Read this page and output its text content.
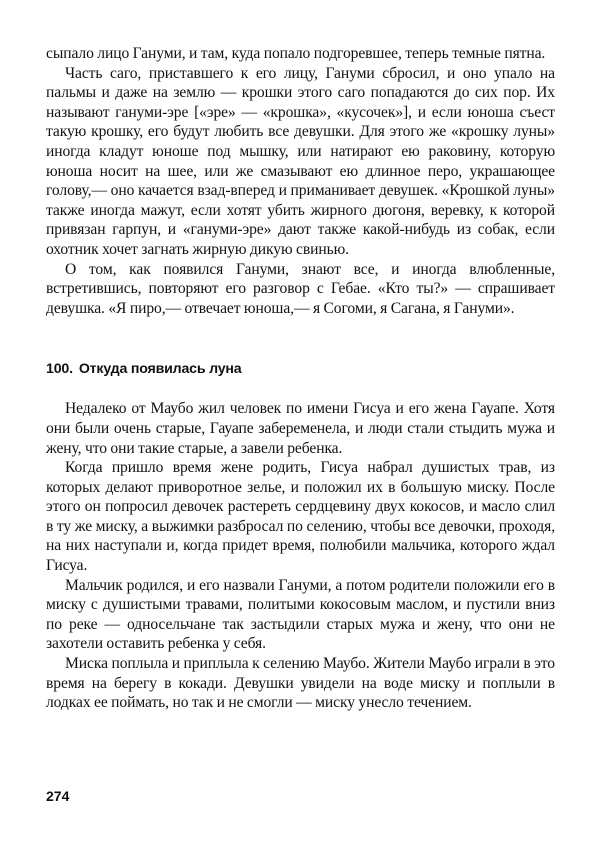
сыпало лицо Гануми, и там, куда попало подгоревшее, теперь темные пятна.

Часть саго, приставшего к его лицу, Гануми сбросил, и оно упало на пальмы и даже на землю — крошки этого саго попадаются до сих пор. Их называют гануми-эре [«эре» — «крошка», «кусочек»], и если юноша съест такую крошку, его будут любить все девушки. Для этого же «крошку луны» иногда кладут юноше под мышку, или натирают ею раковину, которую юноша носит на шее, или же смазывают ею длинное перо, украшающее голову,— оно качается взад-вперед и приманивает девушек. «Крошкой луны» также иногда мажут, если хотят убить жирного дюгоня, веревку, к которой привязан гарпун, и «гануми-эре» дают также какой-нибудь из собак, если охотник хочет загнать жирную дикую свинью.

О том, как появился Гануми, знают все, и иногда влюбленные, встретившись, повторяют его разговор с Гебае. «Кто ты?» — спрашивает девушка. «Я пиро,— отвечает юноша,— я Согоми, я Сагана, я Гануми».

100. Откуда появилась луна

Недалеко от Маубо жил человек по имени Гисуа и его жена Гауапе. Хотя они были очень старые, Гауапе забеременела, и люди стали стыдить мужа и жену, что они такие старые, а завели ребенка.

Когда пришло время жене родить, Гисуа набрал душистых трав, из которых делают приворотное зелье, и положил их в большую миску. После этого он попросил девочек растереть сердцевину двух кокосов, и масло слил в ту же миску, а выжимки разбросал по селению, чтобы все девочки, проходя, на них наступали и, когда придет время, полюбили мальчика, которого ждал Гисуа.

Мальчик родился, и его назвали Гануми, а потом родители положили его в миску с душистыми травами, политыми кокосовым маслом, и пустили вниз по реке — односельчане так застыдили старых мужа и жену, что они не захотели оставить ребенка у себя.

Миска поплыла и приплыла к селению Маубо. Жители Маубо играли в это время на берегу в кокади. Девушки увидели на воде миску и поплыли в лодках ее поймать, но так и не смогли — миску унесло течением.

274
